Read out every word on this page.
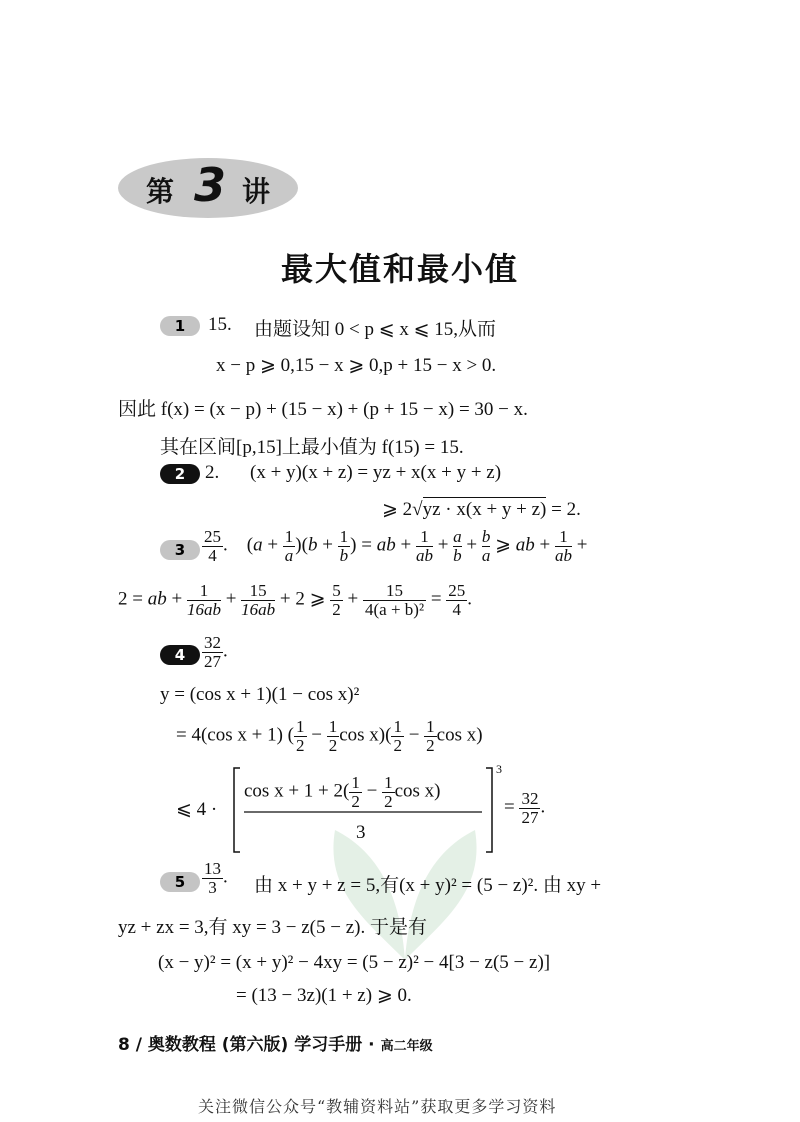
第 3 讲
最大值和最小值
1	15. 由题设知 0 < p ⩽ x ⩽ 15,从而
x − p ⩾ 0,15 − x ⩾ 0,p + 15 − x > 0.
因此 f(x) = (x − p) + (15 − x) + (p + 15 − x) = 30 − x.
其在区间[p,15]上最小值为 f(15) = 15.
2	2. (x + y)(x + z) = yz + x(x + y + z)
⩾ 2√yz · x(x + y + z) = 2.
$3 \frac{25}{4}$ .    $(a + \frac{1}{a})(b + \frac{1}{b})$ = ab + $\frac{1}{ab} + \frac{a}{b} + \frac{b}{a}$ ⩾ ab + $\frac{1}{ab}$ +
2 = ab + $\frac{1}{16ab} + \frac{15}{16ab} + 2$ ⩾ $\frac{5}{2} + \frac{15}{\text{4(a + b)²}} = \frac{25}{4}$ .
$4 \frac{32}{27}$ .
y = (cos x + 1)(1 − cos x)²
= 4(cos x + 1) ( $\frac{1}{2} - \frac{1}{2}$ $\cos x)( \frac{1}{2} - \frac{1}{2}$ cos x)
⩽ 4 ·
$\cos x + 1 + 2( \frac{1}{2} - \frac{1}{2}$ cos x)
3
3
= $\frac{32}{27}$ .
$5 \frac{13}{3}$ . 由 x + y + z = 5,有(x + y)² = (5 − z)². 由 xy +
yz + zx = 3,有 xy = 3 − z(5 − z). 于是有
(x − y)² = (x + y)² − 4xy = (5 − z)² − 4[3 − z(5 − z)]
= (13 − 3z)(1 + z) ⩾ 0.
8 / 奥数教程 (第六版) 学习手册 · 高二年级
关注微信公众号“教辅资料站”获取更多学习资料
